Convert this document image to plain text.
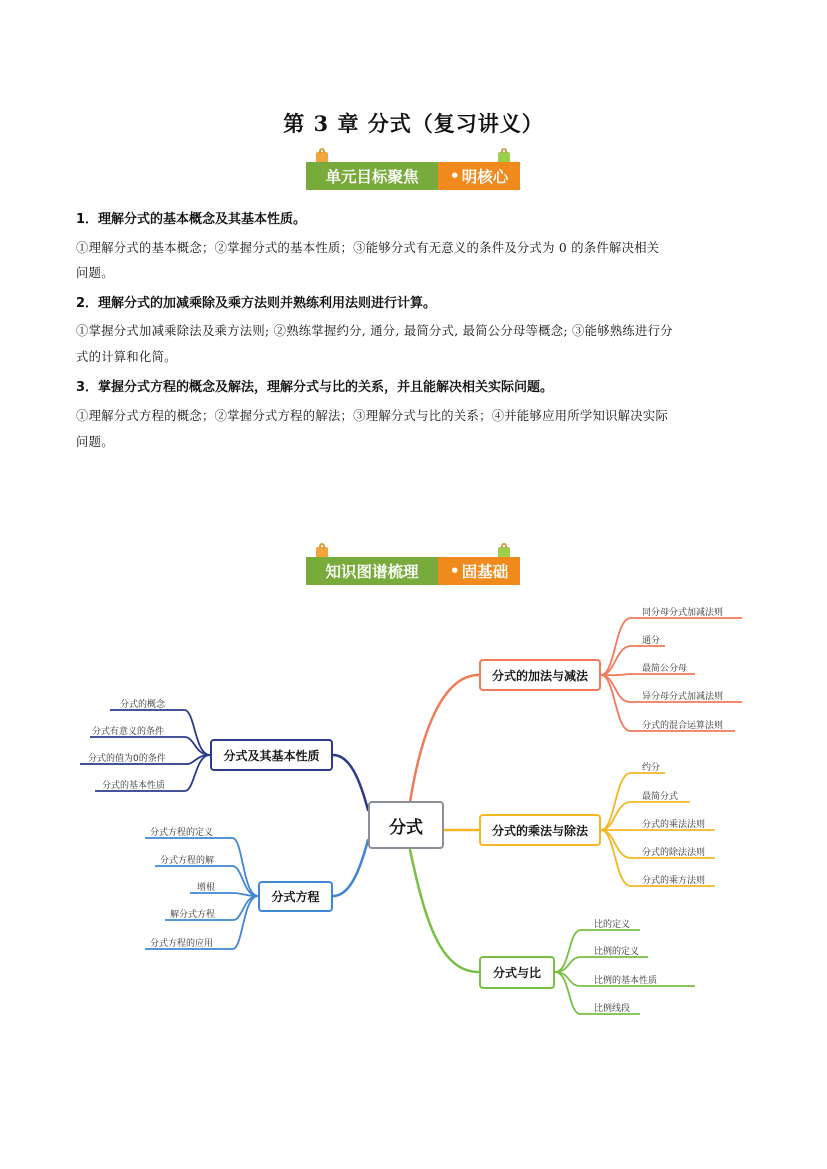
第 3 章 分式（复习讲义）
单元目标聚焦	• 明核心
1．理解分式的基本概念及其基本性质。
①理解分式的基本概念；②掌握分式的基本性质；③能够分式有无意义的条件及分式为 0 的条件解决相关
问题。
2．理解分式的加减乘除及乘方法则并熟练利用法则进行计算。
①掌握分式加减乘除法及乘方法则; ②熟练掌握约分, 通分, 最简分式, 最简公分母等概念; ③能够熟练进行分
式的计算和化简。
3．掌握分式方程的概念及解法，理解分式与比的关系，并且能解决相关实际问题。
①理解分式方程的概念；②掌握分式方程的解法；③理解分式与比的关系；④并能够应用所学知识解决实际
问题。
知识图谱梳理	• 固基础
分式
分式及其基本性质
分式方程
分式的加法与减法
分式的乘法与除法
分式与比
分式的概念
分式有意义的条件
分式的值为0的条件
分式的基本性质
分式方程的定义
分式方程的解
增根
解分式方程
分式方程的应用
同分母分式加减法则
通分
最简公分母
异分母分式加减法则
分式的混合运算法则
约分
最简分式
分式的乘法法则
分式的除法法则
分式的乘方法则
比的定义
比例的定义
比例的基本性质
比例线段
